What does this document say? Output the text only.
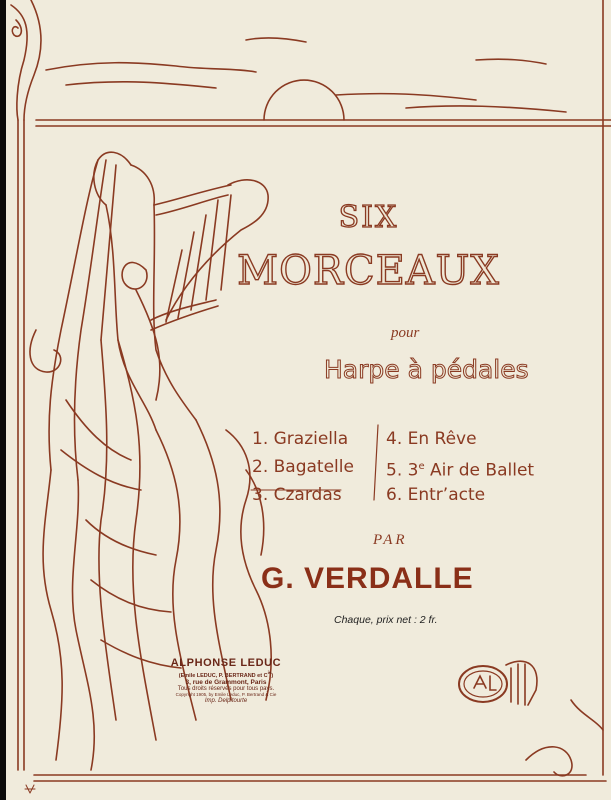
SIX
MORCEAUX
pour
Harpe à pédales
1. Graziella
2. Bagatelle
3. Czardas
4. En Rêve
5. 3e Air de Ballet
6. Entr’acte
PAR
G. VERDALLE
Chaque, prix net : 2 fr.
ALPHONSE LEDUC
(Emile LEDUC, P. BERTRAND et $C^{ie}$)
3, rue de Grammont, Paris
Tous droits réservés pour tous pays.
Copyright 1905, by Emile Leduc, P. Bertrand & Cie
Imp. Delpitourte
